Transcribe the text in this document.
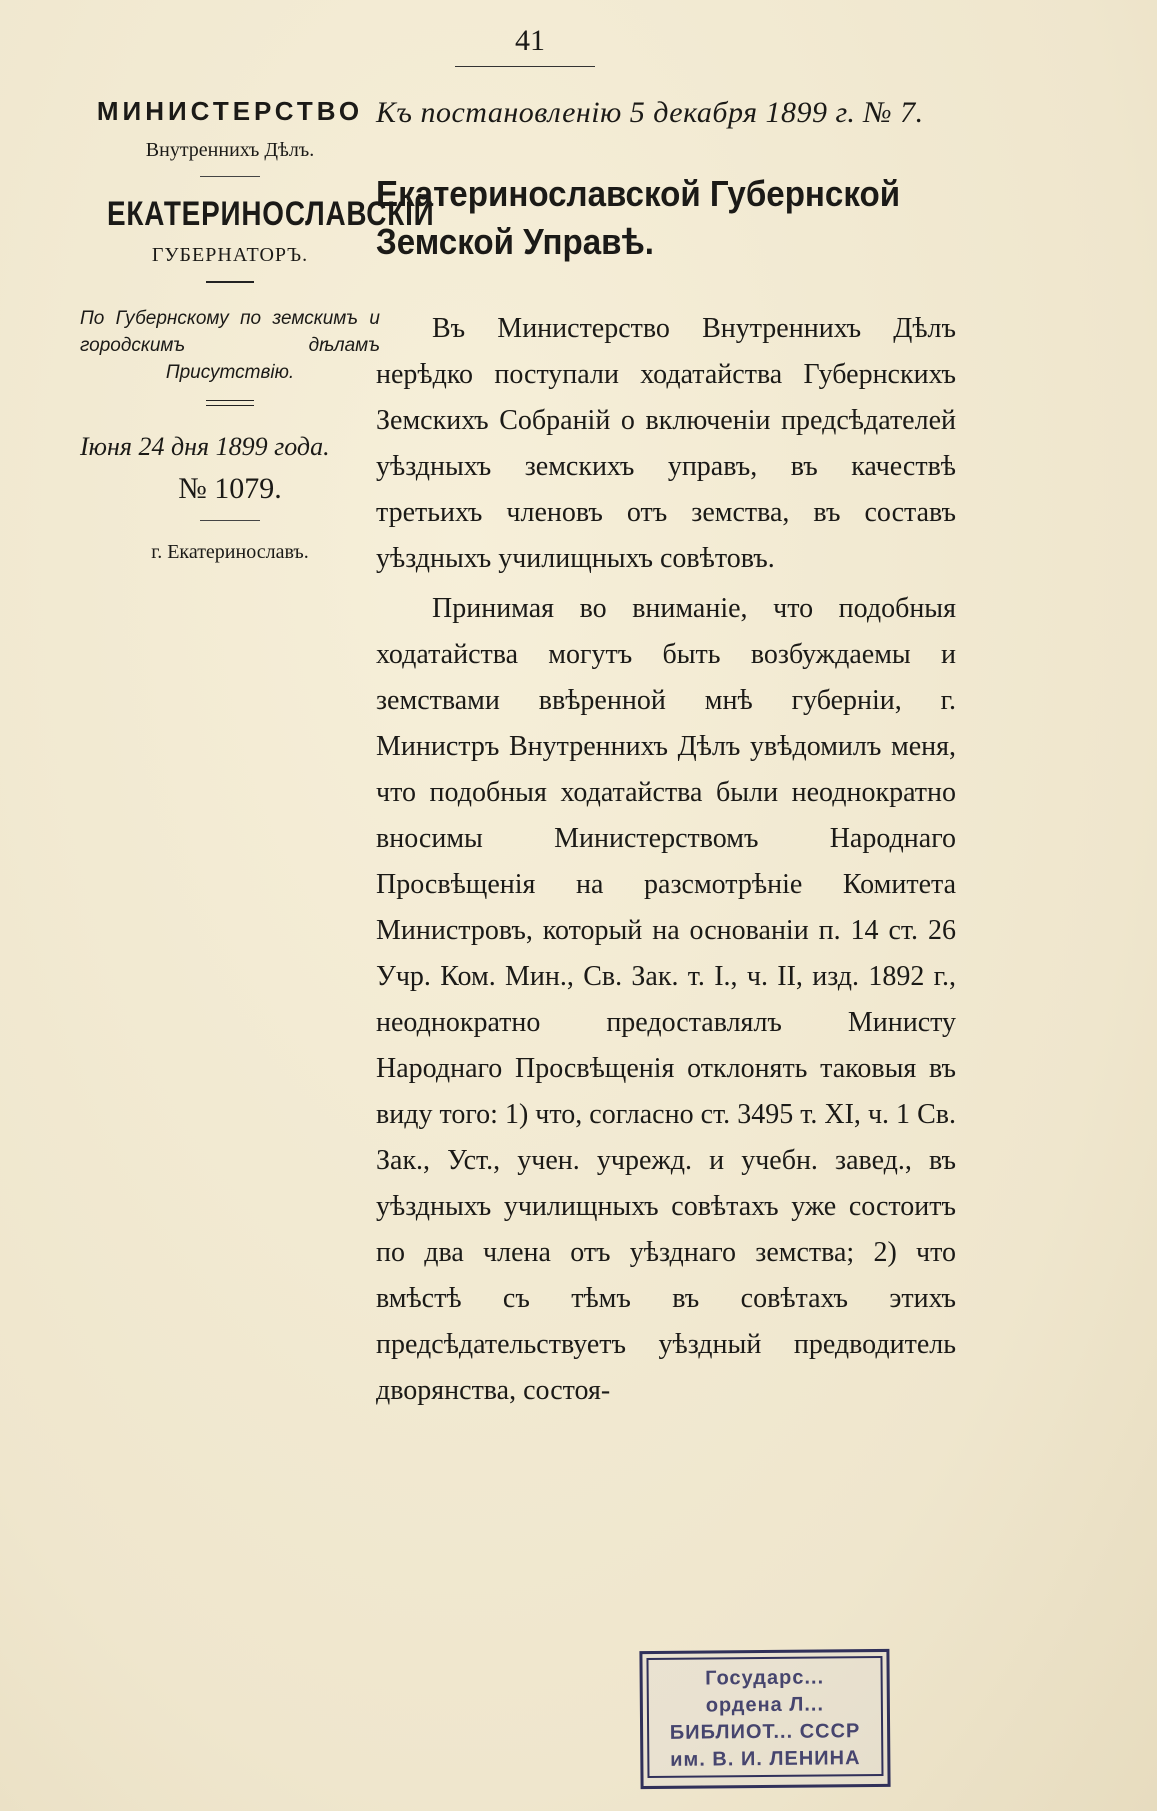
41
МИНИСТЕРСТВО
Внутреннихъ Дѣлъ.
ЕКАТЕРИНОСЛАВСКІЙ
ГУБЕРНАТОРЪ.
По Губернскому по земскимъ и городскимъ дѣламъ Присутствію.
Іюня 24 дня 1899 года.
№ 1079.
г. Екатеринославъ.
Къ постановленію 5 декабря 1899 г. № 7.
Екатеринославской Губернской Земской Управѣ.

Въ Министерство Внутреннихъ Дѣлъ нерѣдко поступали ходатайства Губернскихъ Земскихъ Собраній о включеніи предсѣдателей уѣздныхъ земскихъ управъ, въ качествѣ третьихъ членовъ отъ земства, въ составъ уѣздныхъ училищныхъ совѣтовъ.

Принимая во вниманіе, что подобныя ходатайства могутъ быть возбуждаемы и земствами ввѣренной мнѣ губерніи, г. Министръ Внутреннихъ Дѣлъ увѣдомилъ меня, что подобныя ходатайства были неоднократно вносимы Министерствомъ Народнаго Просвѣщенія на разсмотрѣніе Комитета Министровъ, который на основаніи п. 14 ст. 26 Учр. Ком. Мин., Св. Зак. т. I., ч. II, изд. 1892 г., неоднократно предоставлялъ Министу Народнаго Просвѣщенія отклонять таковыя въ виду того: 1) что, согласно ст. 3495 т. XI, ч. 1 Св. Зак., Уст., учен. учрежд. и учебн. завед., въ уѣздныхъ училищныхъ совѣтахъ уже состоитъ по два члена отъ уѣзднаго земства; 2) что вмѣстѣ съ тѣмъ въ совѣтахъ этихъ предсѣдательствуетъ уѣздный предводитель дворянства, состоя-

Государс...
ордена Л...
БИБЛИОТ... СССР
им. В. И. ЛЕНИНА
